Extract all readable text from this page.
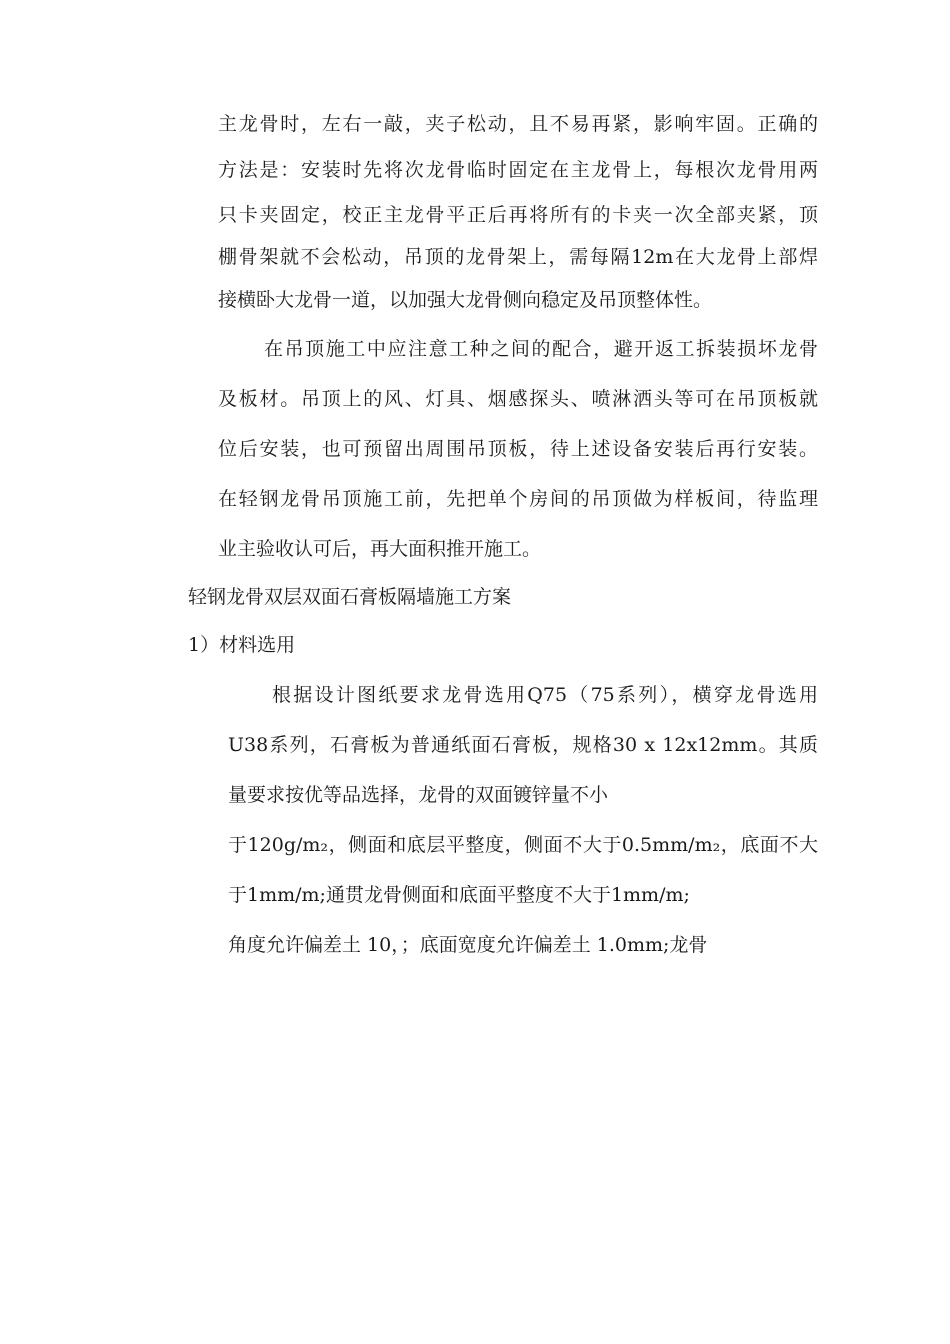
主龙骨时，左右一敲，夹子松动，且不易再紧，影响牢固。正确的
方法是：安装时先将次龙骨临时固定在主龙骨上，每根次龙骨用两
只卡夹固定，校正主龙骨平正后再将所有的卡夹一次全部夹紧，顶
棚骨架就不会松动，吊顶的龙骨架上，需每隔12m在大龙骨上部焊
接横卧大龙骨一道，以加强大龙骨侧向稳定及吊顶整体性。
在吊顶施工中应注意工种之间的配合，避开返工拆装损坏龙骨
及板材。吊顶上的风、灯具、烟感探头、喷淋洒头等可在吊顶板就
位后安装，也可预留出周围吊顶板，待上述设备安装后再行安装。
在轻钢龙骨吊顶施工前，先把单个房间的吊顶做为样板间，待监理
业主验收认可后，再大面积推开施工。
轻钢龙骨双层双面石膏板隔墙施工方案
1）材料选用
根据设计图纸要求龙骨选用Q75（75系列），横穿龙骨选用
U38系列，石膏板为普通纸面石膏板，规格30 x 12x12mm。其质
量要求按优等品选择，龙骨的双面镀锌量不小
于120g/m₂，侧面和底层平整度，侧面不大于0.5mm/m₂，底面不大
于1mm/m;通贯龙骨侧面和底面平整度不大于1mm/m;
角度允许偏差土 10，；底面宽度允许偏差土 1.0mm;龙骨
